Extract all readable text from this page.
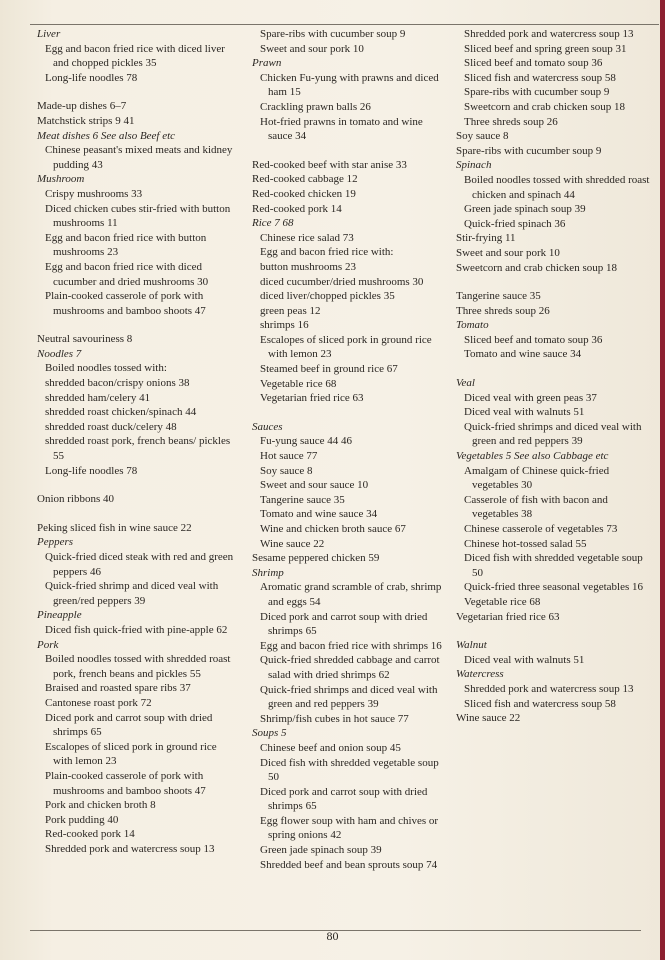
Liver
Egg and bacon fried rice with diced liver and chopped pickles 35
Long-life noodles 78
Made-up dishes 6–7
Matchstick strips 9 41
Meat dishes 6 See also Beef etc
Chinese peasant's mixed meats and kidney pudding 43
Mushroom
Crispy mushrooms 33
Diced chicken cubes stir-fried with button mushrooms 11
Egg and bacon fried rice with button mushrooms 23
Egg and bacon fried rice with diced cucumber and dried mushrooms 30
Plain-cooked casserole of pork with mushrooms and bamboo shoots 47
Neutral savouriness 8
Noodles 7
Boiled noodles tossed with:
shredded bacon/crispy onions 38
shredded ham/celery 41
shredded roast chicken/spinach 44
shredded roast duck/celery 48
shredded roast pork, french beans/ pickles 55
Long-life noodles 78
Onion ribbons 40
Peking sliced fish in wine sauce 22
Peppers
Quick-fried diced steak with red and green peppers 46
Quick-fried shrimp and diced veal with green/red peppers 39
Pineapple
Diced fish quick-fried with pine-apple 62
Pork
Boiled noodles tossed with shredded roast pork, french beans and pickles 55
Braised and roasted spare ribs 37
Cantonese roast pork 72
Diced pork and carrot soup with dried shrimps 65
Escalopes of sliced pork in ground rice with lemon 23
Plain-cooked casserole of pork with mushrooms and bamboo shoots 47
Pork and chicken broth 8
Pork pudding 40
Red-cooked pork 14
Shredded pork and watercress soup 13
Spare-ribs with cucumber soup 9
Sweet and sour pork 10
Prawn
Chicken Fu-yung with prawns and diced ham 15
Crackling prawn balls 26
Hot-fried prawns in tomato and wine sauce 34
Red-cooked beef with star anise 33
Red-cooked cabbage 12
Red-cooked chicken 19
Red-cooked pork 14
Rice 7 68
Chinese rice salad 73
Egg and bacon fried rice with:
button mushrooms 23
diced cucumber/dried mushrooms 30
diced liver/chopped pickles 35
green peas 12
shrimps 16
Escalopes of sliced pork in ground rice with lemon 23
Steamed beef in ground rice 67
Vegetable rice 68
Vegetarian fried rice 63
Sauces
Fu-yung sauce 44 46
Hot sauce 77
Soy sauce 8
Sweet and sour sauce 10
Tangerine sauce 35
Tomato and wine sauce 34
Wine and chicken broth sauce 67
Wine sauce 22
Sesame peppered chicken 59
Shrimp
Aromatic grand scramble of crab, shrimp and eggs 54
Diced pork and carrot soup with dried shrimps 65
Egg and bacon fried rice with shrimps 16
Quick-fried shredded cabbage and carrot salad with dried shrimps 62
Quick-fried shrimps and diced veal with green and red peppers 39
Shrimp/fish cubes in hot sauce 77
Soups 5
Chinese beef and onion soup 45
Diced fish with shredded vegetable soup 50
Diced pork and carrot soup with dried shrimps 65
Egg flower soup with ham and chives or spring onions 42
Green jade spinach soup 39
Shredded beef and bean sprouts soup 74
Shredded pork and watercress soup 13
Sliced beef and spring green soup 31
Sliced beef and tomato soup 36
Sliced fish and watercress soup 58
Spare-ribs with cucumber soup 9
Sweetcorn and crab chicken soup 18
Three shreds soup 26
Soy sauce 8
Spare-ribs with cucumber soup 9
Spinach
Boiled noodles tossed with shredded roast chicken and spinach 44
Green jade spinach soup 39
Quick-fried spinach 36
Stir-frying 11
Sweet and sour pork 10
Sweetcorn and crab chicken soup 18
Tangerine sauce 35
Three shreds soup 26
Tomato
Sliced beef and tomato soup 36
Tomato and wine sauce 34
Veal
Diced veal with green peas 37
Diced veal with walnuts 51
Quick-fried shrimps and diced veal with green and red peppers 39
Vegetables 5 See also Cabbage etc
Amalgam of Chinese quick-fried vegetables 30
Casserole of fish with bacon and vegetables 38
Chinese casserole of vegetables 73
Chinese hot-tossed salad 55
Diced fish with shredded vegetable soup 50
Quick-fried three seasonal vegetables 16
Vegetable rice 68
Vegetarian fried rice 63
Walnut
Diced veal with walnuts 51
Watercress
Shredded pork and watercress soup 13
Sliced fish and watercress soup 58
Wine sauce 22
80
